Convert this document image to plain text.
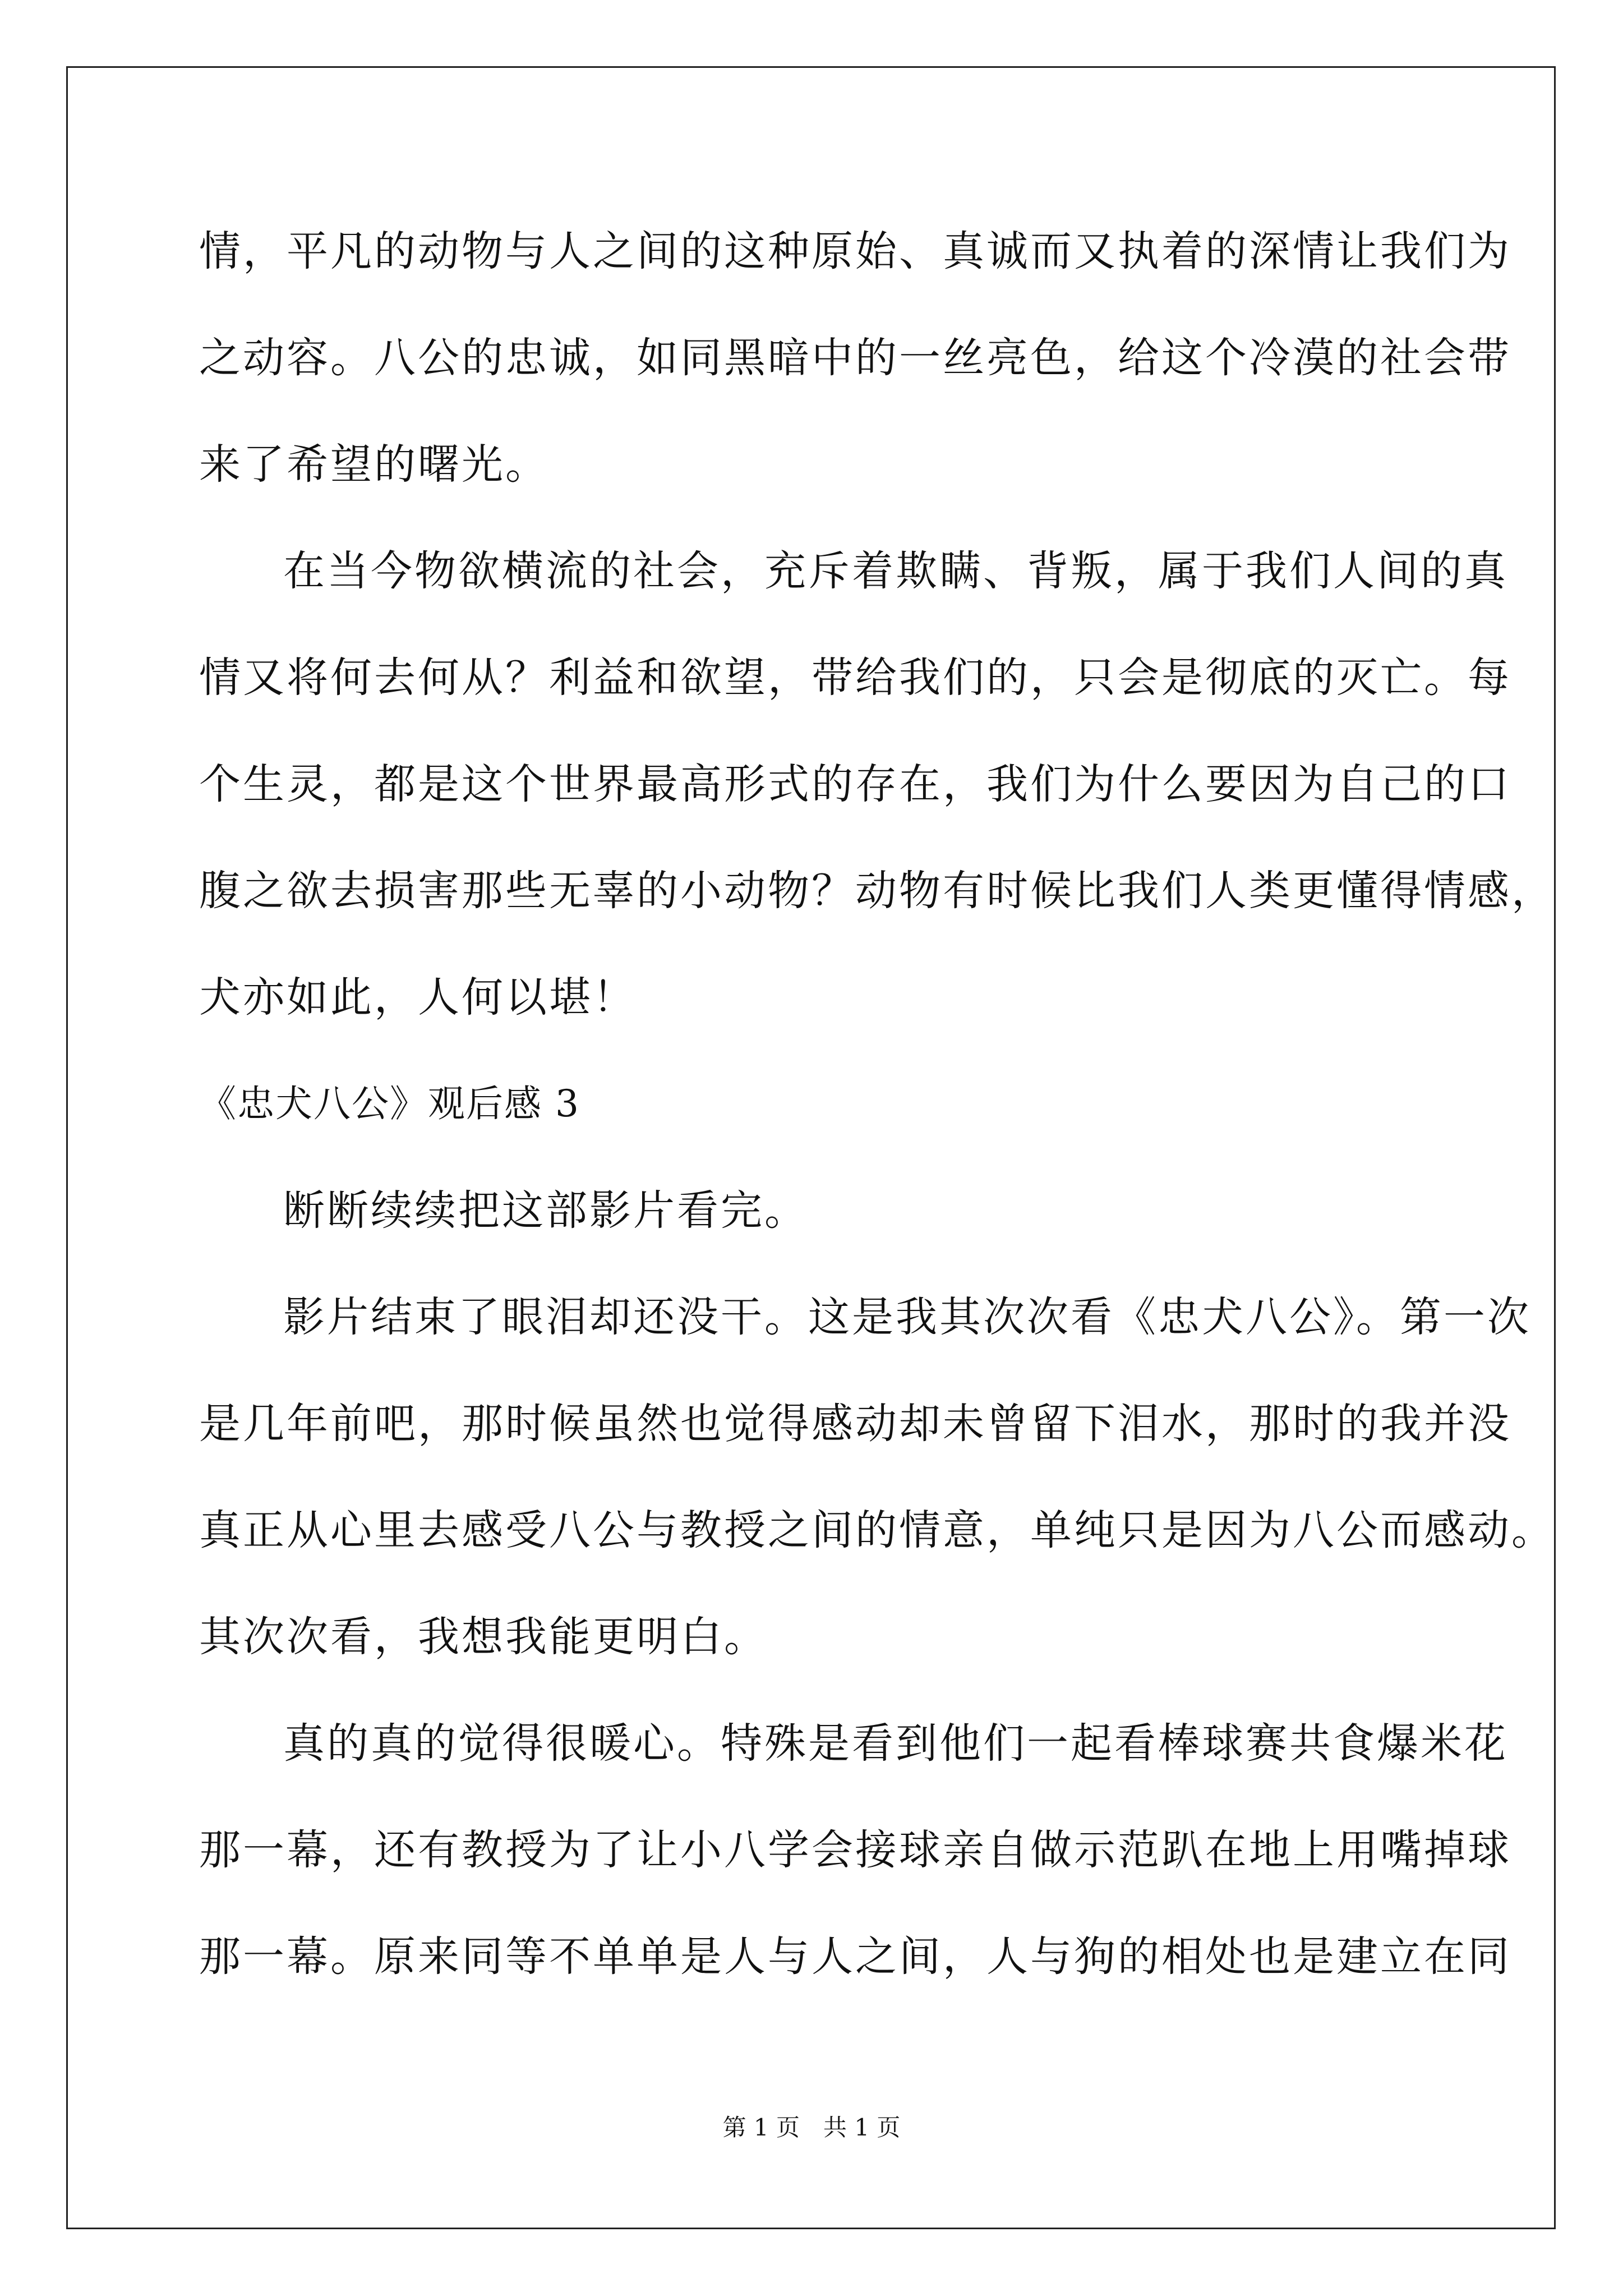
情，平凡的动物与人之间的这种原始、真诚而又执着的深情让我们为
之动容。八公的忠诚，如同黑暗中的一丝亮色，给这个冷漠的社会带
来了希望的曙光。
在当今物欲横流的社会，充斥着欺瞒、背叛，属于我们人间的真
情又将何去何从？利益和欲望，带给我们的，只会是彻底的灭亡。每
个生灵，都是这个世界最高形式的存在，我们为什么要因为自己的口
腹之欲去损害那些无辜的小动物？动物有时候比我们人类更懂得情感，
犬亦如此，人何以堪！
《忠犬八公》观后感 3
断断续续把这部影片看完。
影片结束了眼泪却还没干。这是我其次次看《忠犬八公》。第一次
是几年前吧，那时候虽然也觉得感动却未曾留下泪水，那时的我并没
真正从心里去感受八公与教授之间的情意，单纯只是因为八公而感动。
其次次看，我想我能更明白。
真的真的觉得很暖心。特殊是看到他们一起看棒球赛共食爆米花
那一幕，还有教授为了让小八学会接球亲自做示范趴在地上用嘴掉球
那一幕。原来同等不单单是人与人之间，人与狗的相处也是建立在同
第 1 页　共 1 页
